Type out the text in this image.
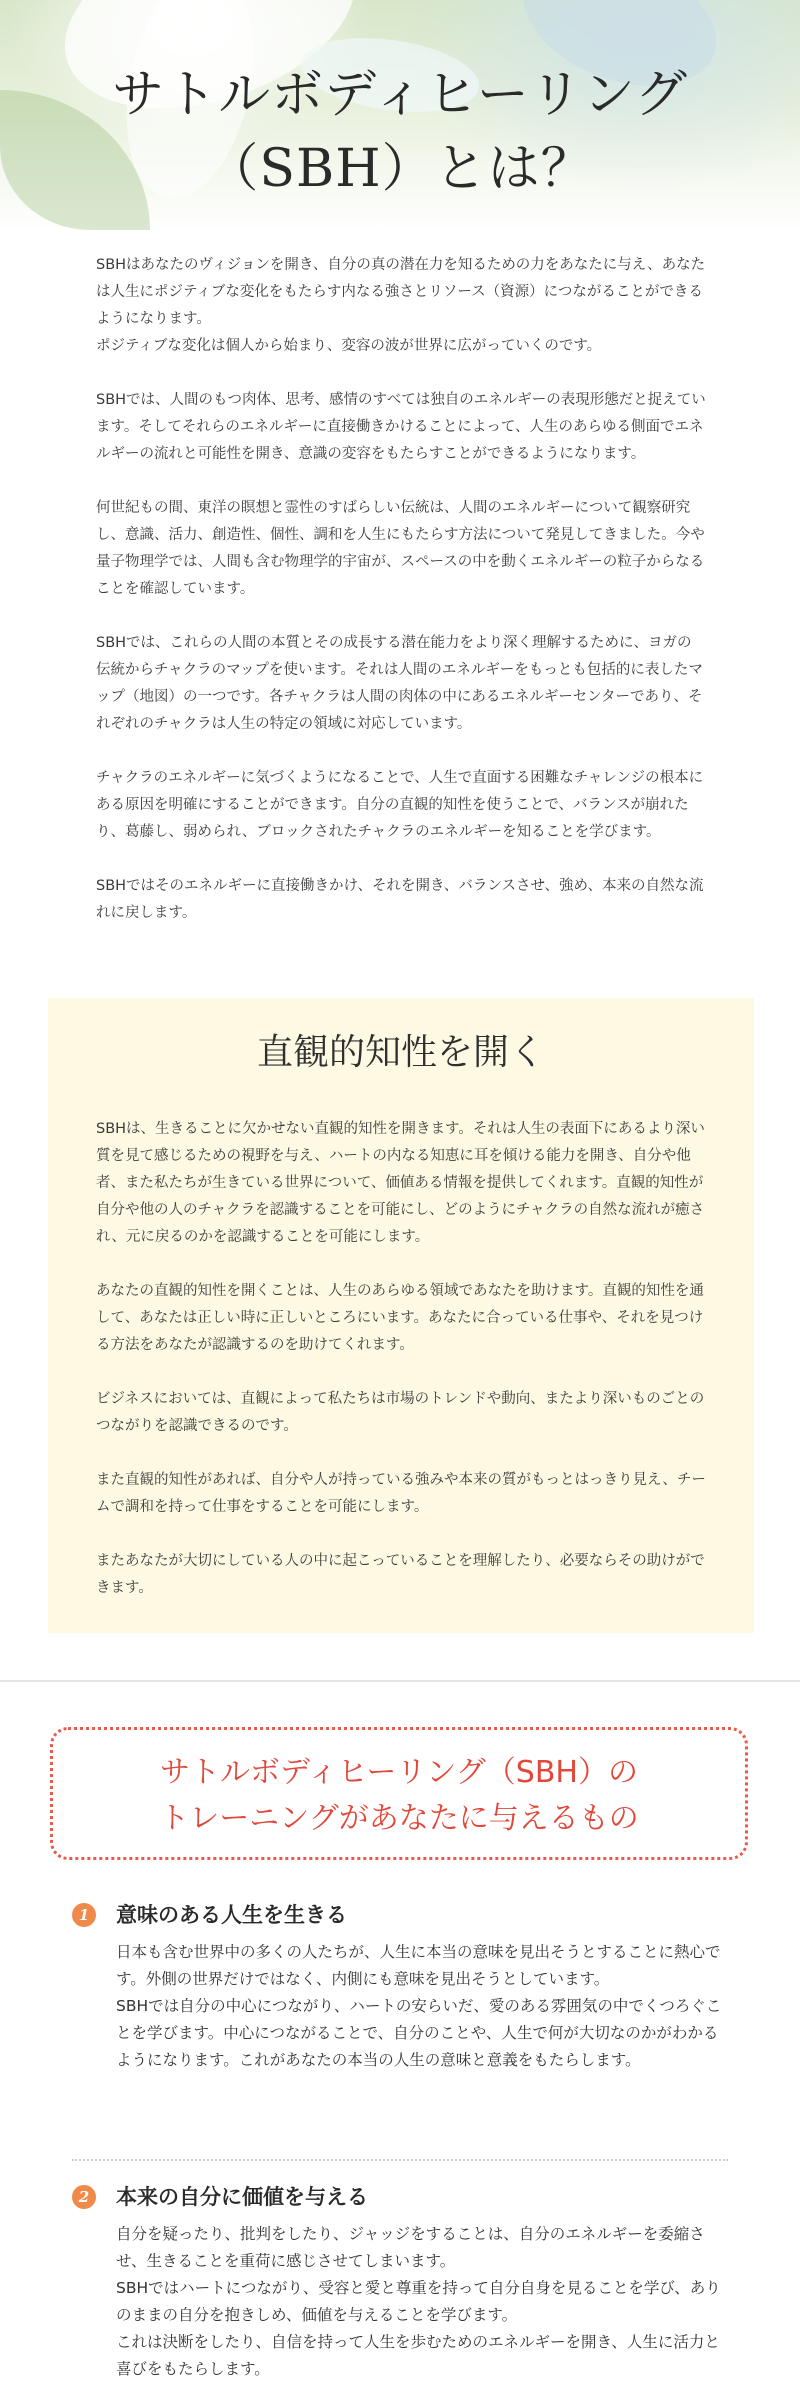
サトルボディヒーリング
（SBH）とは？

SBHはあなたのヴィジョンを開き、自分の真の潜在力を知るための力をあなたに与え、あなたは人生にポジティブな変化をもたらす内なる強さとリソース（資源）につながることができるようになります。
ポジティブな変化は個人から始まり、変容の波が世界に広がっていくのです。

SBHでは、人間のもつ肉体、思考、感情のすべては独自のエネルギーの表現形態だと捉えています。そしてそれらのエネルギーに直接働きかけることによって、人生のあらゆる側面でエネルギーの流れと可能性を開き、意識の変容をもたらすことができるようになります。

何世紀もの間、東洋の瞑想と霊性のすばらしい伝統は、人間のエネルギーについて観察研究し、意識、活力、創造性、個性、調和を人生にもたらす方法について発見してきました。今や量子物理学では、人間も含む物理学的宇宙が、スペースの中を動くエネルギーの粒子からなることを確認しています。

SBHでは、これらの人間の本質とその成長する潜在能力をより深く理解するために、ヨガの伝統からチャクラのマップを使います。それは人間のエネルギーをもっとも包括的に表したマップ（地図）の一つです。各チャクラは人間の肉体の中にあるエネルギーセンターであり、それぞれのチャクラは人生の特定の領域に対応しています。

チャクラのエネルギーに気づくようになることで、人生で直面する困難なチャレンジの根本にある原因を明確にすることができます。自分の直観的知性を使うことで、バランスが崩れたり、葛藤し、弱められ、ブロックされたチャクラのエネルギーを知ることを学びます。

SBHではそのエネルギーに直接働きかけ、それを開き、バランスさせ、強め、本来の自然な流れに戻します。

直観的知性を開く

SBHは、生きることに欠かせない直観的知性を開きます。それは人生の表面下にあるより深い質を見て感じるための視野を与え、ハートの内なる知恵に耳を傾ける能力を開き、自分や他者、また私たちが生きている世界について、価値ある情報を提供してくれます。直観的知性が自分や他の人のチャクラを認識することを可能にし、どのようにチャクラの自然な流れが癒され、元に戻るのかを認識することを可能にします。

あなたの直観的知性を開くことは、人生のあらゆる領域であなたを助けます。直観的知性を通して、あなたは正しい時に正しいところにいます。あなたに合っている仕事や、それを見つける方法をあなたが認識するのを助けてくれます。

ビジネスにおいては、直観によって私たちは市場のトレンドや動向、またより深いものごとのつながりを認識できるのです。

また直観的知性があれば、自分や人が持っている強みや本来の質がもっとはっきり見え、チームで調和を持って仕事をすることを可能にします。

またあなたが大切にしている人の中に起こっていることを理解したり、必要ならその助けができます。

サトルボディヒーリング（SBH）の
トレーニングがあなたに与えるもの
1	意味のある人生を生きる
日本も含む世界中の多くの人たちが、人生に本当の意味を見出そうとすることに熱心です。外側の世界だけではなく、内側にも意味を見出そうとしています。
SBHでは自分の中心につながり、ハートの安らいだ、愛のある雰囲気の中でくつろぐことを学びます。中心につながることで、自分のことや、人生で何が大切なのかがわかるようになります。これがあなたの本当の人生の意味と意義をもたらします。
2	本来の自分に価値を与える
自分を疑ったり、批判をしたり、ジャッジをすることは、自分のエネルギーを委縮させ、生きることを重荷に感じさせてしまいます。
SBHではハートにつながり、受容と愛と尊重を持って自分自身を見ることを学び、ありのままの自分を抱きしめ、価値を与えることを学びます。
これは決断をしたり、自信を持って人生を歩むためのエネルギーを開き、人生に活力と喜びをもたらします。
